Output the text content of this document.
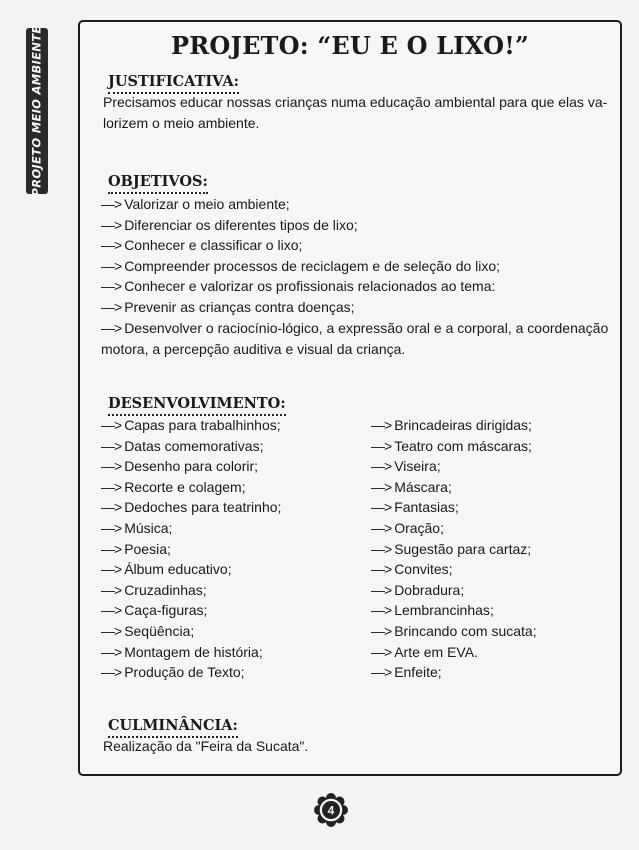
PROJETO MEIO AMBIENTE	PROJETO: “EU E O LIXO!”
JUSTIFICATIVA:
Precisamos educar nossas crianças numa educação ambiental para que elas va-
lorizem o meio ambiente.
OBJETIVOS:
—> Valorizar o meio ambiente;
—> Diferenciar os diferentes tipos de lixo;
—> Conhecer e classificar o lixo;
—> Compreender processos de reciclagem e de seleção do lixo;
—> Conhecer e valorizar os profissionais relacionados ao tema:
—> Prevenir as crianças contra doenças;
—> Desenvolver o raciocínio-lógico, a expressão oral e a corporal, a coordenação
motora, a percepção auditiva e visual da criança.
DESENVOLVIMENTO:
—> Capas para trabalhinhos;
—> Datas comemorativas;
—> Desenho para colorir;
—> Recorte e colagem;
—> Dedoches para teatrinho;
—> Música;
—> Poesia;
—> Álbum educativo;
—> Cruzadinhas;
—> Caça-figuras;
—> Seqüência;
—> Montagem de história;
—> Produção de Texto;
—> Brincadeiras dirigidas;
—> Teatro com máscaras;
—> Viseira;
—> Máscara;
—> Fantasias;
—> Oração;
—> Sugestão para cartaz;
—> Convites;
—> Dobradura;
—> Lembrancinhas;
—> Brincando com sucata;
—> Arte em EVA.
—> Enfeite;
CULMINÂNCIA:
Realização da "Feira da Sucata".
4
